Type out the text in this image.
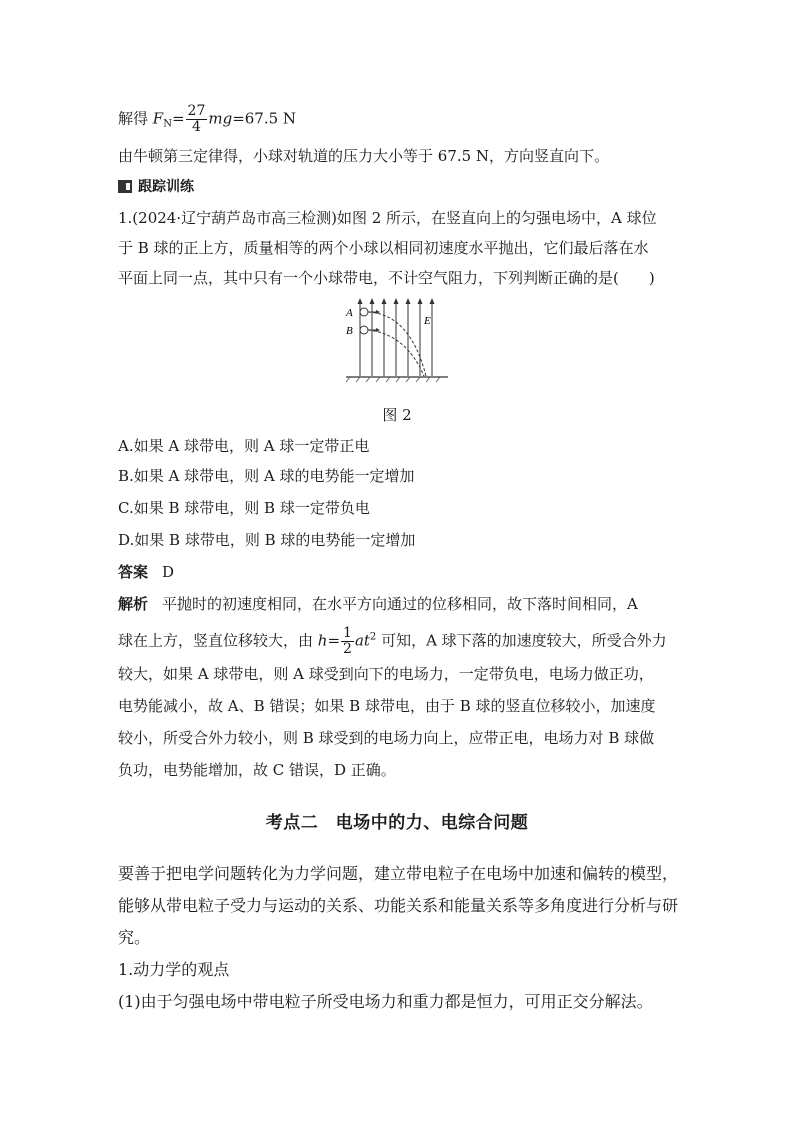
解得 $F_N= \frac{27}{4} mg=67.5$ N
由牛顿第三定律得，小球对轨道的压力大小等于 67.5 N，方向竖直向下。
跟踪训练
1.(2024·辽宁葫芦岛市高三检测)如图 2 所示，在竖直向上的匀强电场中，A 球位
于 B 球的正上方，质量相等的两个小球以相同初速度水平抛出，它们最后落在水
平面上同一点，其中只有一个小球带电，不计空气阻力，下列判断正确的是(　　)
A
B
E
图 2
A.如果 A 球带电，则 A 球一定带正电
B.如果 A 球带电，则 A 球的电势能一定增加
C.如果 B 球带电，则 B 球一定带负电
D.如果 B 球带电，则 B 球的电势能一定增加
答案 D
解析 平抛时的初速度相同，在水平方向通过的位移相同，故下落时间相同，A
球在上方，竖直位移较大，由 $h= \frac{1}{2} at^2$ 可知，A 球下落的加速度较大，所受合外力
较大，如果 A 球带电，则 A 球受到向下的电场力，一定带负电，电场力做正功，
电势能减小，故 A、B 错误；如果 B 球带电，由于 B 球的竖直位移较小，加速度
较小，所受合外力较小，则 B 球受到的电场力向上，应带正电，电场力对 B 球做
负功，电势能增加，故 C 错误，D 正确。
考点二　电场中的力、电综合问题
要善于把电学问题转化为力学问题，建立带电粒子在电场中加速和偏转的模型，
能够从带电粒子受力与运动的关系、功能关系和能量关系等多角度进行分析与研
究。
1.动力学的观点
(1)由于匀强电场中带电粒子所受电场力和重力都是恒力，可用正交分解法。
